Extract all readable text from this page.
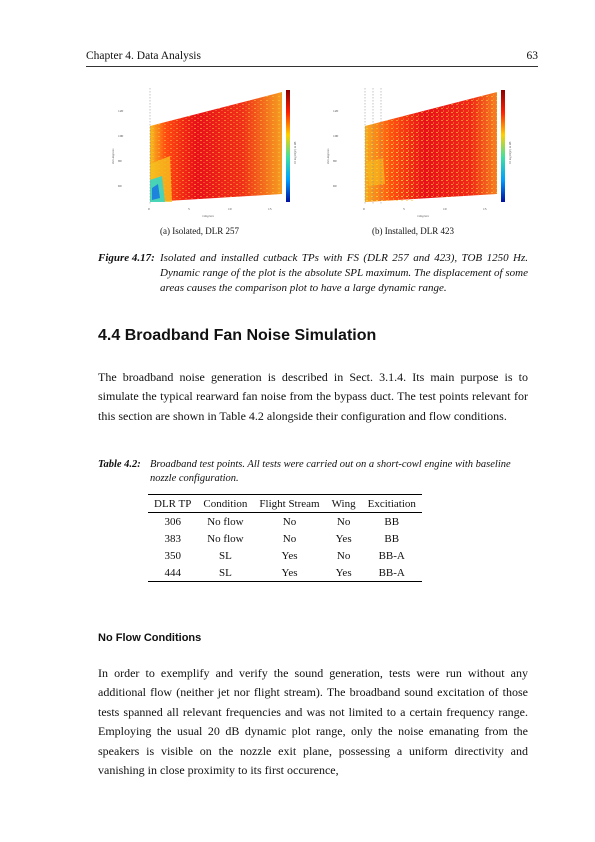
Chapter 4. Data Analysis	63
120
100
80
60
0	5	10	15
r/degrees
θ in degrees	10 log10(p²) in dB
120
100
80
60
0	5	10	15
r/degrees
θ in degrees	10 log10(p²) in dB
(a) Isolated, DLR 257	(b) Installed, DLR 423
Figure 4.17: Isolated and installed cutback TPs with FS (DLR 257 and 423), TOB 1250 Hz. Dynamic range of the plot is the absolute SPL maximum. The displacement of some areas causes the comparison plot to have a large dynamic range.
4.4 Broadband Fan Noise Simulation
The broadband noise generation is described in Sect. 3.1.4. Its main purpose is to simulate the typical rearward fan noise from the bypass duct. The test points relevant for this section are shown in Table 4.2 alongside their configuration and flow conditions.
Table 4.2: Broadband test points. All tests were carried out on a short-cowl engine with baseline nozzle configuration.
DLR TP	Condition	Flight Stream	Wing	Excitiation
306	No flow	No	No	BB
383	No flow	No	Yes	BB
350	SL	Yes	No	BB-A
444	SL	Yes	Yes	BB-A
No Flow Conditions
In order to exemplify and verify the sound generation, tests were run without any additional flow (neither jet nor flight stream). The broadband sound excitation of those tests spanned all relevant frequencies and was not limited to a certain frequency range. Employing the usual 20 dB dynamic plot range, only the noise emanating from the speakers is visible on the nozzle exit plane, possessing a uniform directivity and vanishing in close proximity to its first occurence,
